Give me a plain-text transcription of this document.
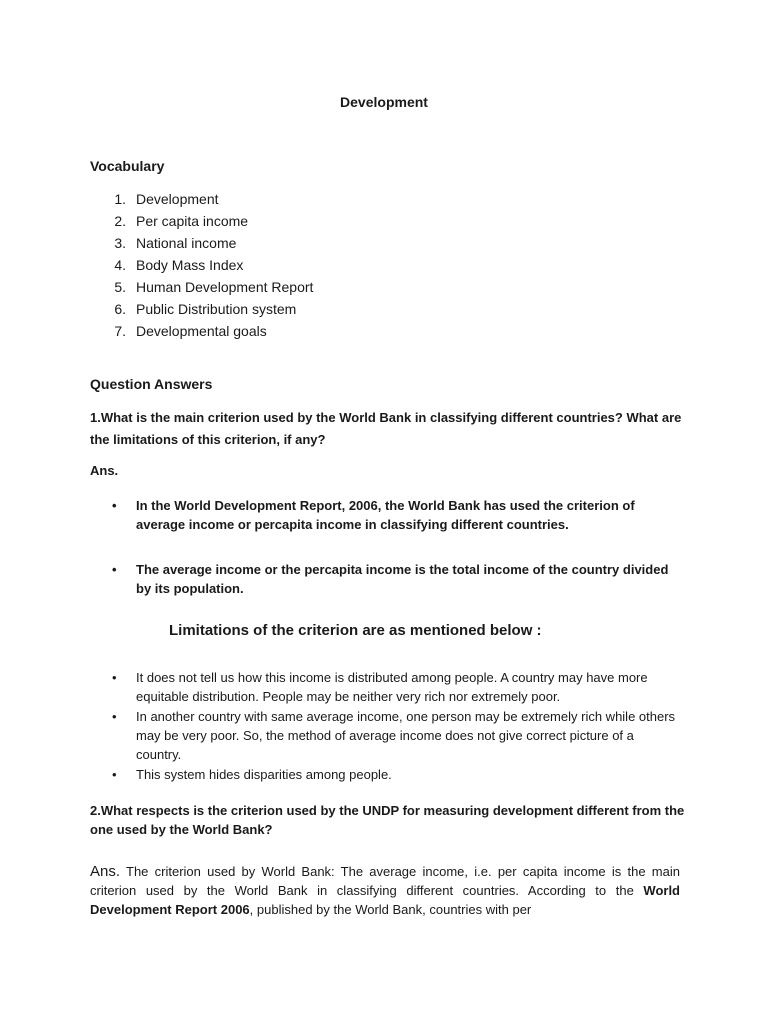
Development
Vocabulary
1. Development
2. Per capita income
3. National income
4. Body Mass Index
5. Human Development Report
6. Public Distribution system
7. Developmental goals
Question Answers
1.What is the main criterion used by the World Bank in classifying different countries? What are the limitations of this criterion, if any?
Ans.
• In the World Development Report, 2006, the World Bank has used the criterion of average income or percapita income in classifying different countries.
• The average income or the percapita income is the total income of the country divided by its population.
Limitations of the criterion are as mentioned below :
• It does not tell us how this income is distributed among people. A country may have more equitable distribution. People may be neither very rich nor extremely poor.
• In another country with same average income, one person may be extremely rich while others may be very poor. So, the method of average income does not give correct picture of a country.
• This system hides disparities among people.
2.What respects is the criterion used by the UNDP for measuring development different from the one used by the World Bank?
Ans. The criterion used by World Bank: The average income, i.e. per capita income is the main criterion used by the World Bank in classifying different countries. According to the World Development Report 2006, published by the World Bank, countries with per
